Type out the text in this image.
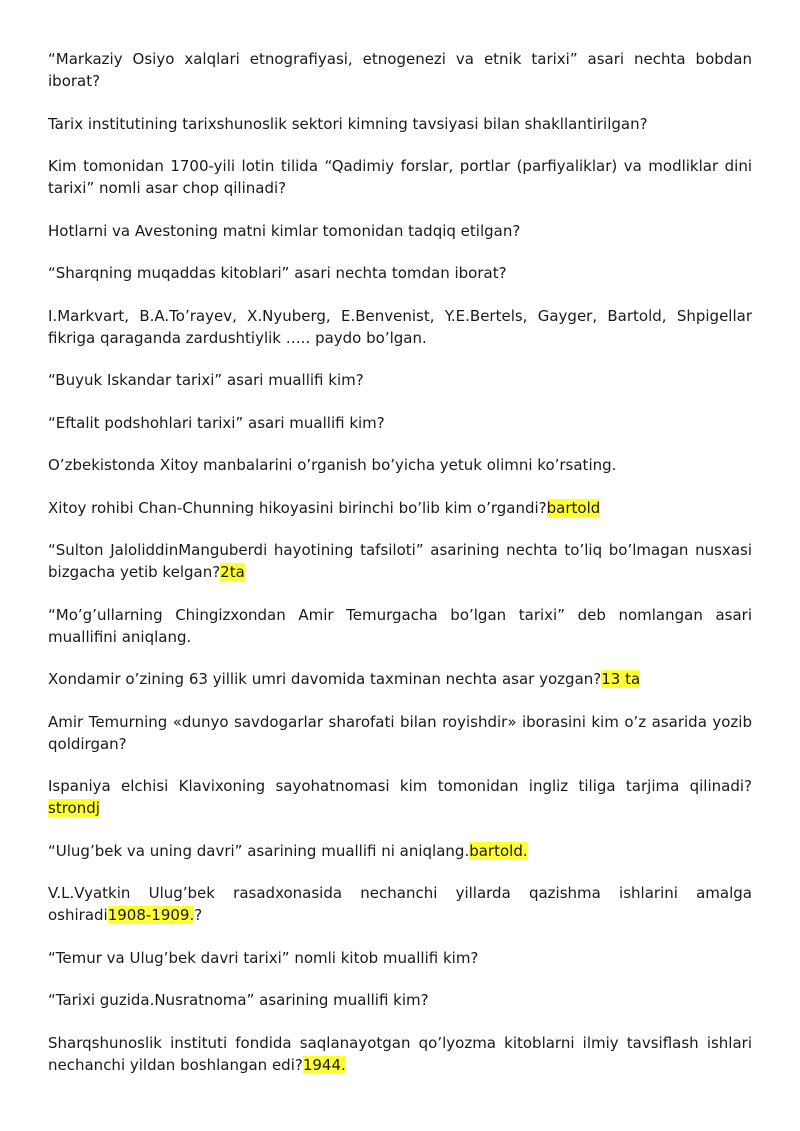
“Markaziy Osiyo xalqlari etnografiyasi, etnogenezi va etnik tarixi” asari nechta bobdan iborat?

Tarix institutining tarixshunoslik sektori kimning tavsiyasi bilan shakllantirilgan?

Kim tomonidan 1700-yili lotin tilida “Qadimiy forslar, portlar (parfiyaliklar) va modliklar dini tarixi” nomli asar chop qilinadi?

Hotlarni va Avestoning matni kimlar tomonidan tadqiq etilgan?

“Sharqning muqaddas kitoblari” asari nechta tomdan iborat?

I.Markvart, B.A.To’rayev, X.Nyuberg, E.Benvenist, Y.E.Bertels, Gayger, Bartold, Shpigellar fikriga qaraganda zardushtiylik ….. paydo bo’lgan.

“Buyuk Iskandar tarixi” asari muallifi kim?

“Eftalit podshohlari tarixi” asari muallifi kim?

O’zbekistonda Xitoy manbalarini o’rganish bo’yicha yetuk olimni ko’rsating.

Xitoy rohibi Chan-Chunning hikoyasini birinchi bo’lib kim o’rgandi?bartold

“Sulton JaloliddinManguberdi hayotining tafsiloti” asarining nechta to’liq bo’lmagan nusxasi bizgacha yetib kelgan?2ta

“Mo’g’ullarning Chingizxondan Amir Temurgacha bo’lgan tarixi” deb nomlangan asari muallifini aniqlang.

Xondamir o’zining 63 yillik umri davomida taxminan nechta asar yozgan?13 ta

Amir Temurning «dunyo savdogarlar sharofati bilan royishdir» iborasini kim o’z asarida yozib qoldirgan?

Ispaniya elchisi Klavixoning sayohatnomasi kim tomonidan ingliz tiliga tarjima qilinadi?strondj

“Ulug’bek va uning davri” asarining muallifi ni aniqlang.bartold.

V.L.Vyatkin Ulug’bek rasadxonasida nechanchi yillarda qazishma ishlarini amalga oshiradi1908-1909.?

“Temur va Ulug’bek davri tarixi” nomli kitob muallifi kim?

“Tarixi guzida.Nusratnoma” asarining muallifi kim?

Sharqshunoslik instituti fondida saqlanayotgan qo’lyozma kitoblarni ilmiy tavsiflash ishlari nechanchi yildan boshlangan edi?1944.
